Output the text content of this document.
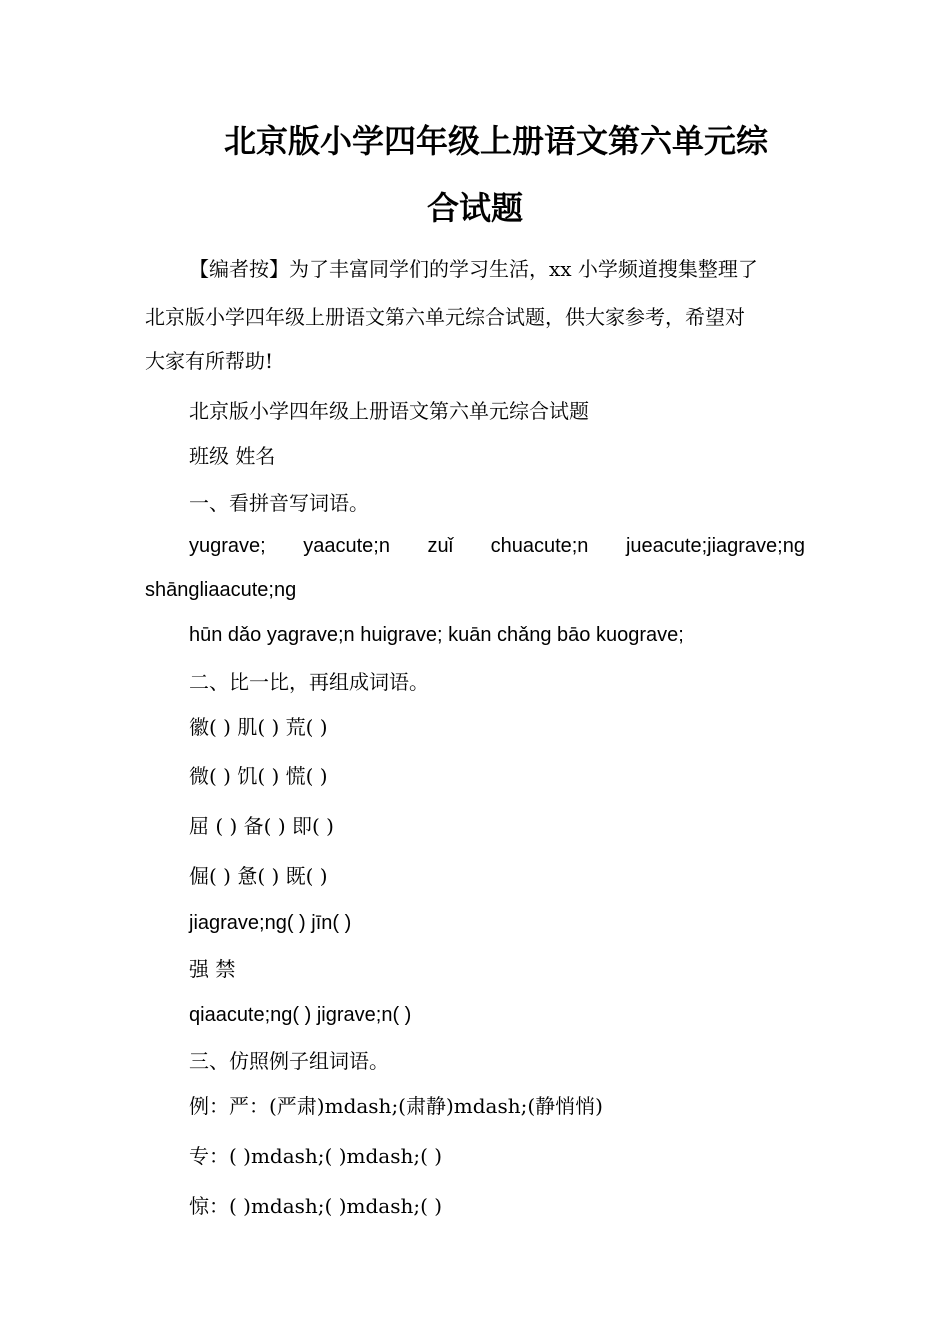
北京版小学四年级上册语文第六单元综
合试题
【编者按】为了丰富同学们的学习生活，xx 小学频道搜集整理了
北京版小学四年级上册语文第六单元综合试题，供大家参考，希望对
大家有所帮助!
北京版小学四年级上册语文第六单元综合试题
班级 姓名
一、看拼音写词语。
yugrave; yaacute;n zuǐ chuacute;n jueacute;jiagrave;ng
shāngliaacute;ng
hūn dǎo yagrave;n huigrave; kuān chǎng bāo kuograve;
二、比一比，再组成词语。
徽( ) 肌( ) 荒( )
微( ) 饥( ) 慌( )
屈 ( ) 备( ) 即( )
倔( ) 惫( ) 既( )
jiagrave;ng( ) jīn( )
强 禁
qiaacute;ng( ) jigrave;n( )
三、仿照例子组词语。
例：严：(严肃)mdash;(肃静)mdash;(静悄悄)
专：( )mdash;( )mdash;( )
惊：( )mdash;( )mdash;( )
